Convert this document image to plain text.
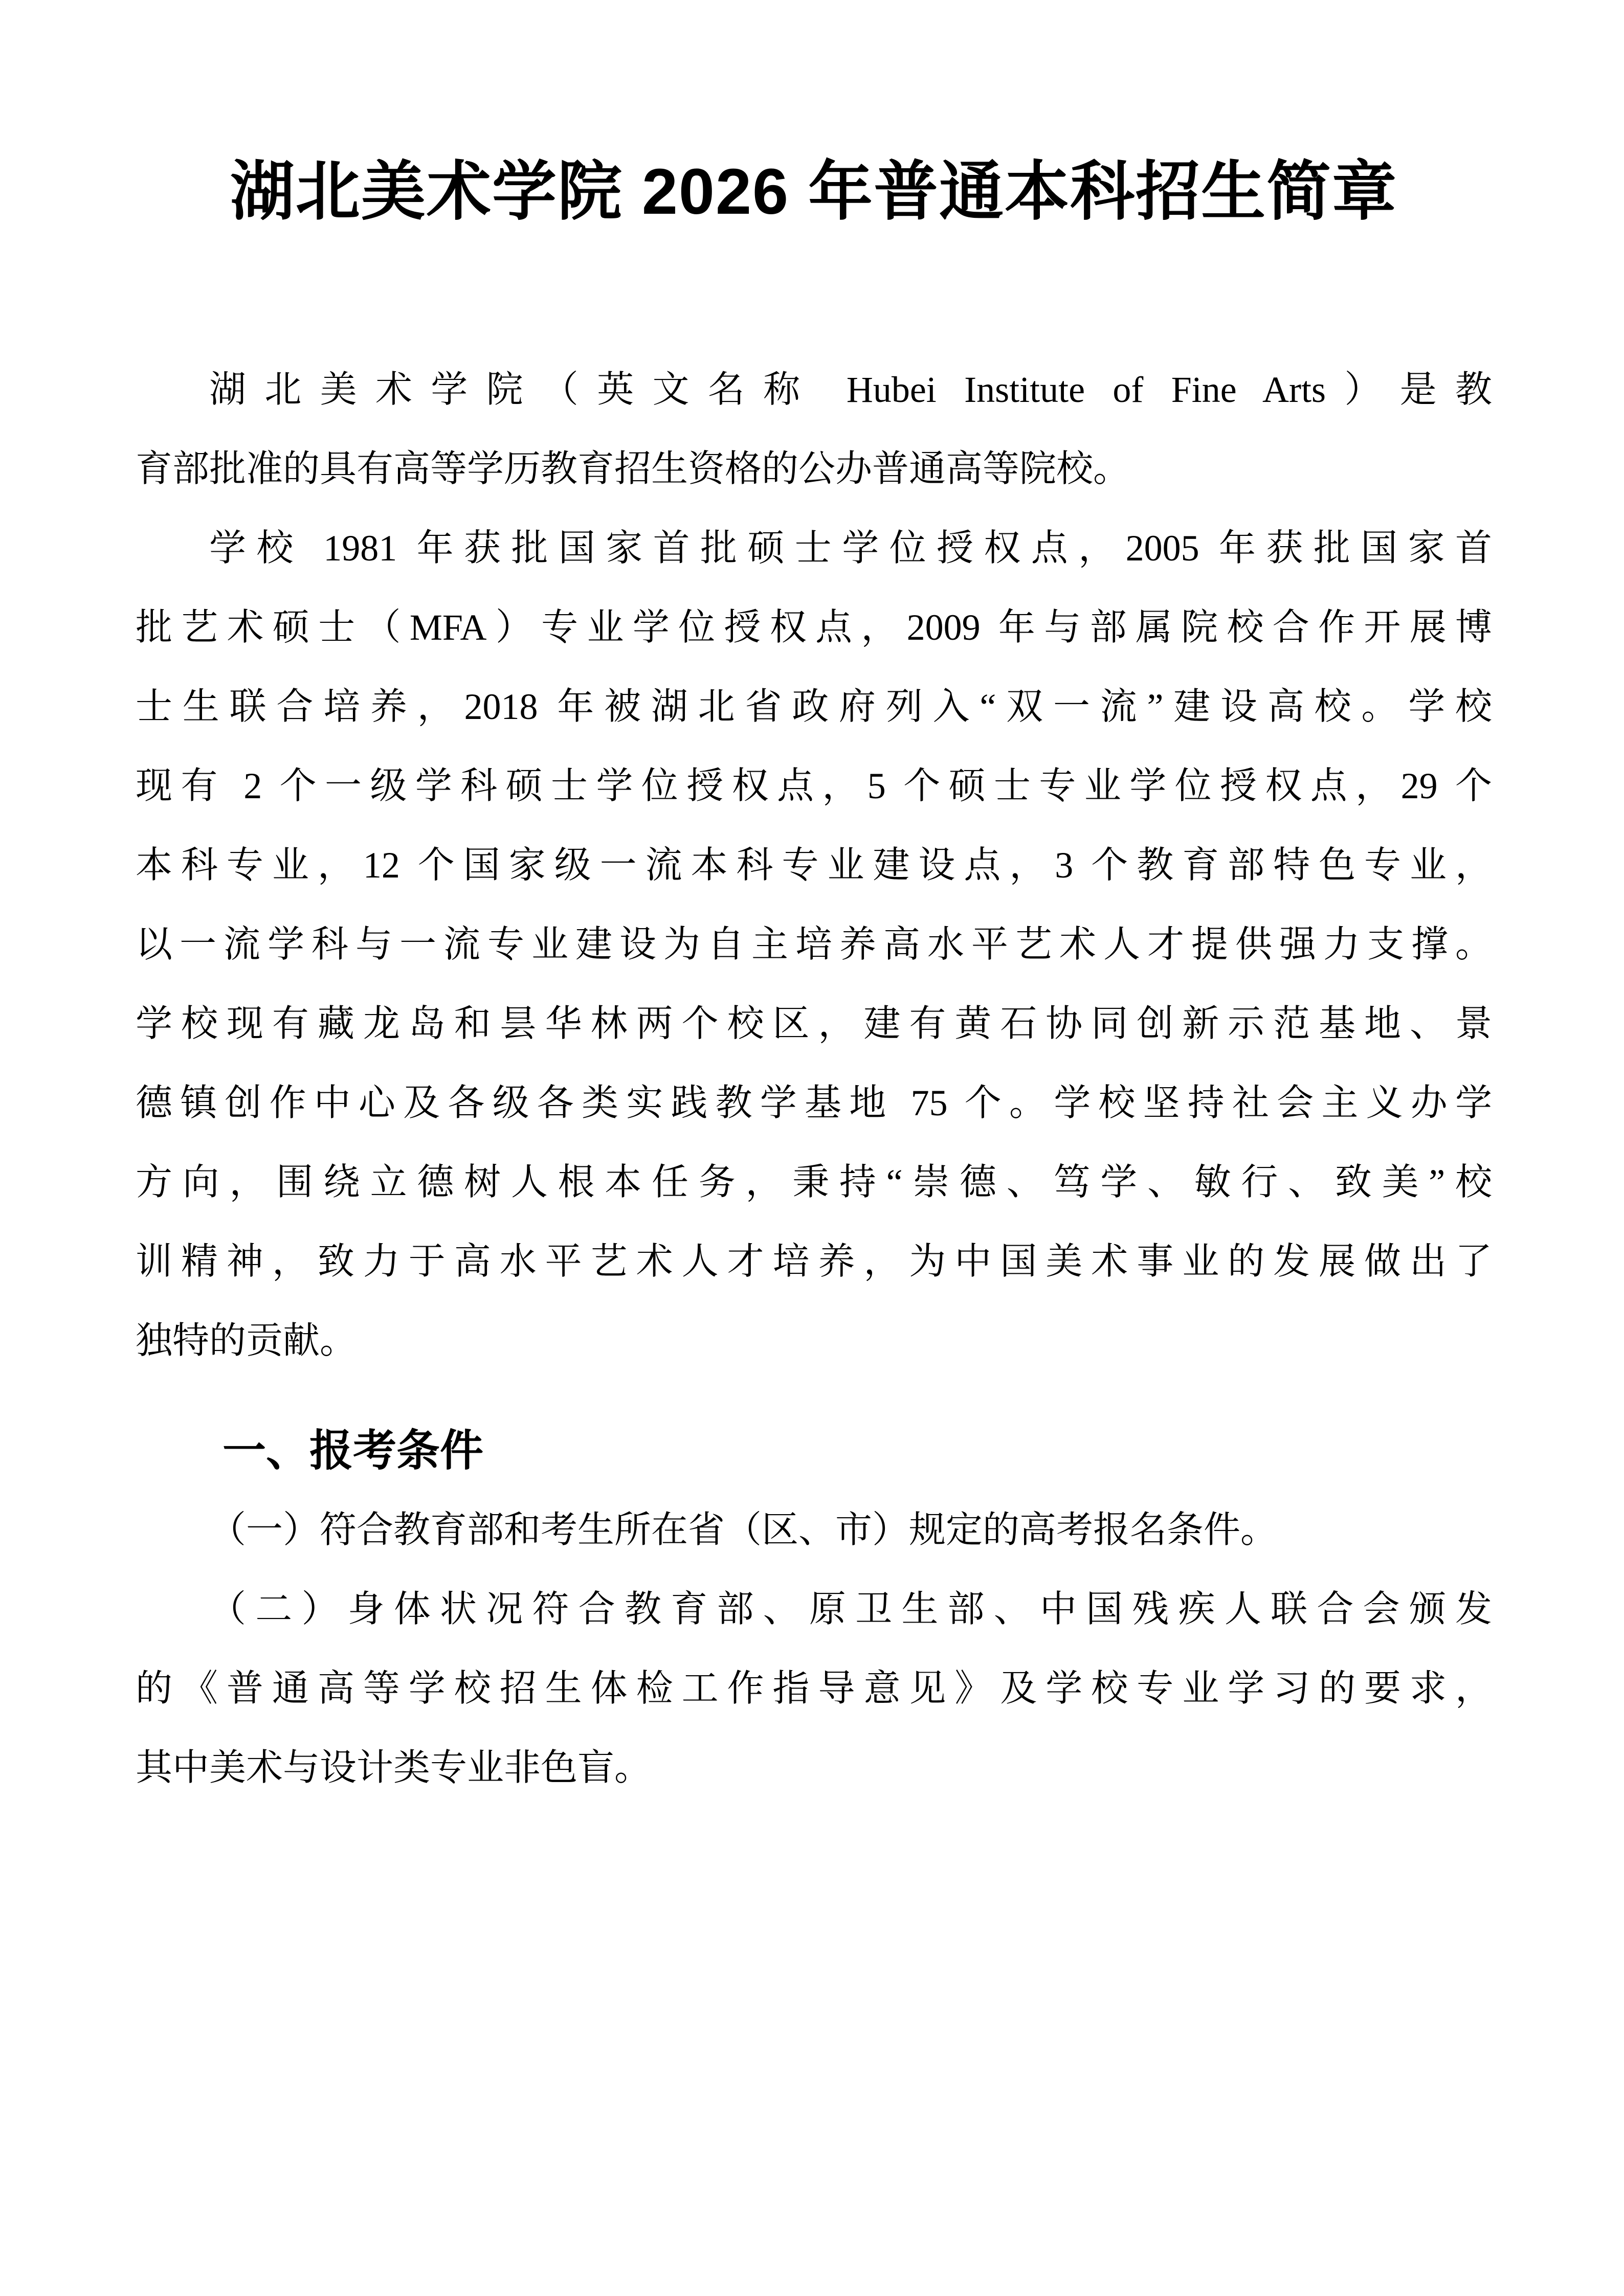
湖北美术学院 2026 年普通本科招生简章
湖北美术学院（英文名称 Hubei Institute of Fine Arts）是教
育部批准的具有高等学历教育招生资格的公办普通高等院校。
学校 1981 年获批国家首批硕士学位授权点，2005 年获批国家首
批艺术硕士（MFA）专业学位授权点，2009 年与部属院校合作开展博
士生联合培养，2018 年被湖北省政府列入“双一流”建设高校。学校
现有 2 个一级学科硕士学位授权点，5 个硕士专业学位授权点，29 个
本科专业，12 个国家级一流本科专业建设点，3 个教育部特色专业，
以一流学科与一流专业建设为自主培养高水平艺术人才提供强力支撑。
学校现有藏龙岛和昙华林两个校区，建有黄石协同创新示范基地、景
德镇创作中心及各级各类实践教学基地 75 个。学校坚持社会主义办学
方向，围绕立德树人根本任务，秉持“崇德、笃学、敏行、致美”校
训精神，致力于高水平艺术人才培养，为中国美术事业的发展做出了
独特的贡献。
一、报考条件
（一）符合教育部和考生所在省（区、市）规定的高考报名条件。
（二）身体状况符合教育部、原卫生部、中国残疾人联合会颁发
的《普通高等学校招生体检工作指导意见》及学校专业学习的要求，
其中美术与设计类专业非色盲。
